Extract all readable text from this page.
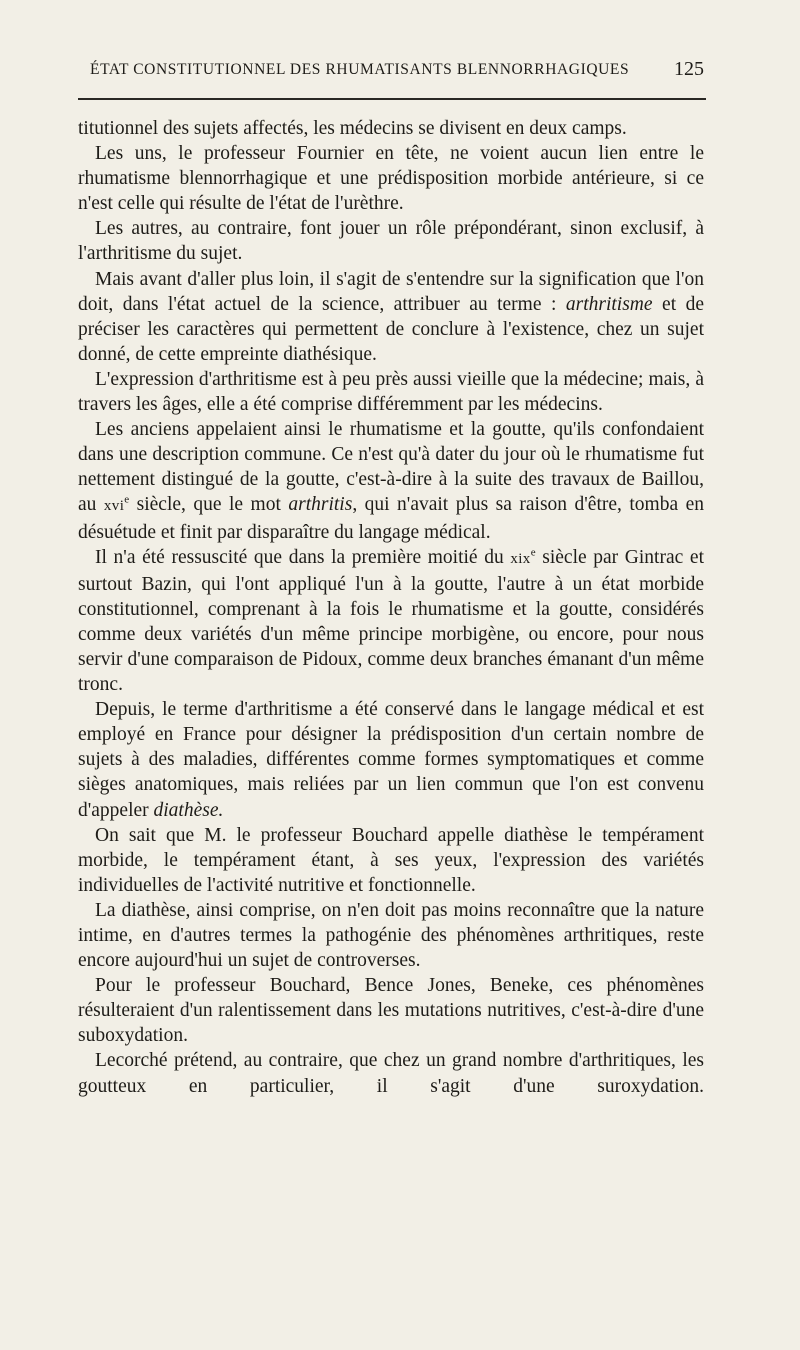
ÉTAT CONSTITUTIONNEL DES RHUMATISANTS BLENNORRHAGIQUES 125

titutionnel des sujets affectés, les médecins se divisent en deux camps.

Les uns, le professeur Fournier en tête, ne voient aucun lien entre le rhumatisme blennorrhagique et une prédisposition morbide antérieure, si ce n'est celle qui résulte de l'état de l'urèthre.

Les autres, au contraire, font jouer un rôle prépondérant, sinon exclusif, à l'arthritisme du sujet.

Mais avant d'aller plus loin, il s'agit de s'entendre sur la signification que l'on doit, dans l'état actuel de la science, attribuer au terme : arthritisme et de préciser les caractères qui permettent de conclure à l'existence, chez un sujet donné, de cette empreinte diathésique.

L'expression d'arthritisme est à peu près aussi vieille que la médecine; mais, à travers les âges, elle a été comprise différemment par les médecins.

Les anciens appelaient ainsi le rhumatisme et la goutte, qu'ils confondaient dans une description commune. Ce n'est qu'à dater du jour où le rhumatisme fut nettement distingué de la goutte, c'est-à-dire à la suite des travaux de Baillou, au xvi$^e$ siècle, que le mot arthritis, qui n'avait plus sa raison d'être, tomba en désuétude et finit par disparaître du langage médical.

Il n'a été ressuscité que dans la première moitié du xix$^e$ siècle par Gintrac et surtout Bazin, qui l'ont appliqué l'un à la goutte, l'autre à un état morbide constitutionnel, comprenant à la fois le rhumatisme et la goutte, considérés comme deux variétés d'un même principe morbigène, ou encore, pour nous servir d'une comparaison de Pidoux, comme deux branches émanant d'un même tronc.

Depuis, le terme d'arthritisme a été conservé dans le langage médical et est employé en France pour désigner la prédisposition d'un certain nombre de sujets à des maladies, différentes comme formes symptomatiques et comme sièges anatomiques, mais reliées par un lien commun que l'on est convenu d'appeler diathèse.

On sait que M. le professeur Bouchard appelle diathèse le tempérament morbide, le tempérament étant, à ses yeux, l'expression des variétés individuelles de l'activité nutritive et fonctionnelle.

La diathèse, ainsi comprise, on n'en doit pas moins reconnaître que la nature intime, en d'autres termes la pathogénie des phénomènes arthritiques, reste encore aujourd'hui un sujet de controverses.

Pour le professeur Bouchard, Bence Jones, Beneke, ces phénomènes résulteraient d'un ralentissement dans les mutations nutritives, c'est-à-dire d'une suboxydation.

Lecorché prétend, au contraire, que chez un grand nombre d'arthritiques, les goutteux en particulier, il s'agit d'une suroxydation.
